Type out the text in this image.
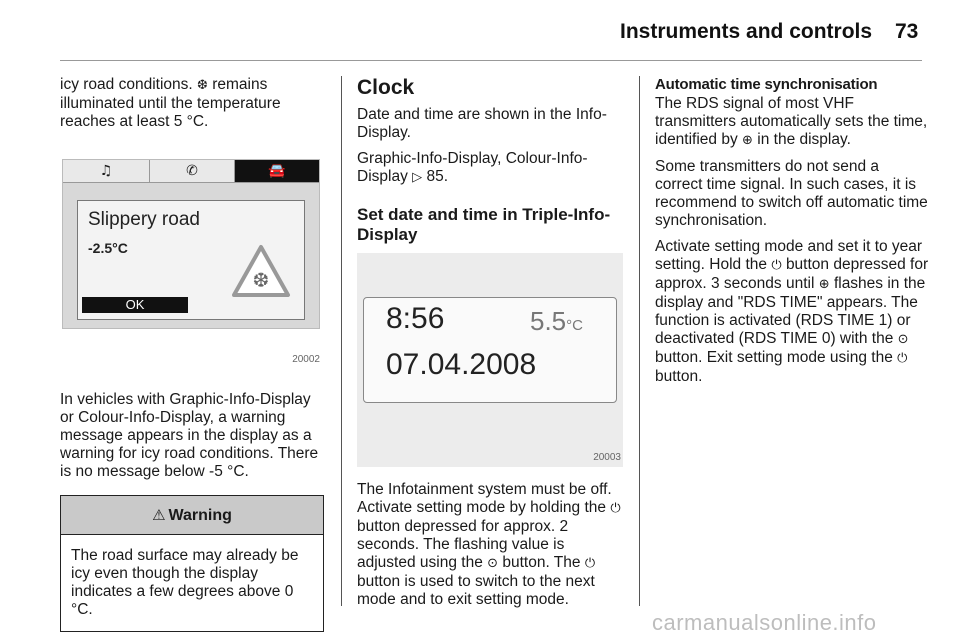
Instruments and controls 73

icy road conditions. ❆ remains illuminated until the temperature reaches at least 5 °C.

♫	✆	🚘
Slippery road
-2.5°C
❆
OK
20002

In vehicles with Graphic-Info-Display or Colour-Info-Display, a warning message appears in the display as a warning for icy road conditions. There is no message below -5 °C.

⚠ Warning
The road surface may already be icy even though the display indicates a few degrees above 0 °C.
Clock

Date and time are shown in the Info-Display.

Graphic-Info-Display, Colour-Info-Display ▷ 85.

Set date and time in Triple-Info-Display
8:56	5.5°C
07.04.2008
20003

The Infotainment system must be off. Activate setting mode by holding the ⏻ button depressed for approx. 2 seconds. The flashing value is adjusted using the ⊙ button. The ⏻ button is used to switch to the next mode and to exit setting mode.

Automatic time synchronisation

The RDS signal of most VHF transmitters automatically sets the time, identified by ⊕ in the display.

Some transmitters do not send a correct time signal. In such cases, it is recommend to switch off automatic time synchronisation.

Activate setting mode and set it to year setting. Hold the ⏻ button depressed for approx. 3 seconds until ⊕ flashes in the display and "RDS TIME" appears. The function is activated (RDS TIME 1) or deactivated (RDS TIME 0) with the ⊙ button. Exit setting mode using the ⏻ button.

carmanualsonline.info
